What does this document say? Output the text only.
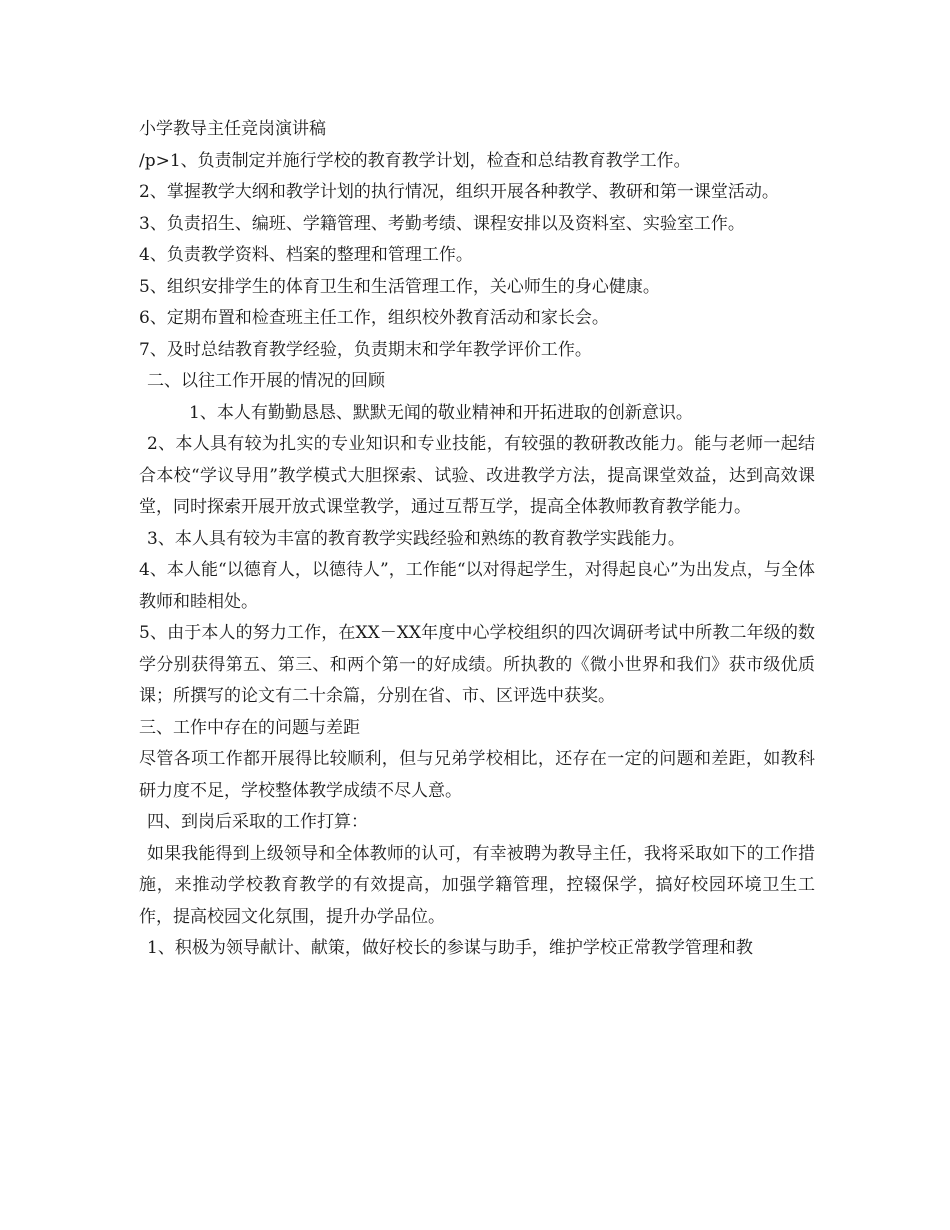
小学教导主任竞岗演讲稿

/p>1、负责制定并施行学校的教育教学计划，检查和总结教育教学工作。

2、掌握教学大纲和教学计划的执行情况，组织开展各种教学、教研和第一课堂活动。

3、负责招生、编班、学籍管理、考勤考绩、课程安排以及资料室、实验室工作。

4、负责教学资料、档案的整理和管理工作。

5、组织安排学生的体育卫生和生活管理工作，关心师生的身心健康。

6、定期布置和检查班主任工作，组织校外教育活动和家长会。

7、及时总结教育教学经验，负责期末和学年教学评价工作。

二、以往工作开展的情况的回顾

1、本人有勤勤恳恳、默默无闻的敬业精神和开拓进取的创新意识。

2、本人具有较为扎实的专业知识和专业技能，有较强的教研教改能力。能与老师一起结合本校“学议导用”教学模式大胆探索、试验、改进教学方法，提高课堂效益，达到高效课堂，同时探索开展开放式课堂教学，通过互帮互学，提高全体教师教育教学能力。

3、本人具有较为丰富的教育教学实践经验和熟练的教育教学实践能力。

4、本人能“以德育人，以德待人”，工作能“以对得起学生，对得起良心”为出发点，与全体教师和睦相处。

5、由于本人的努力工作，在XX－XX年度中心学校组织的四次调研考试中所教二年级的数学分别获得第五、第三、和两个第一的好成绩。所执教的《微小世界和我们》获市级优质课；所撰写的论文有二十余篇，分别在省、市、区评选中获奖。

三、工作中存在的问题与差距

尽管各项工作都开展得比较顺利，但与兄弟学校相比，还存在一定的问题和差距，如教科研力度不足，学校整体教学成绩不尽人意。

四、到岗后采取的工作打算：

如果我能得到上级领导和全体教师的认可，有幸被聘为教导主任，我将采取如下的工作措施，来推动学校教育教学的有效提高，加强学籍管理，控辍保学，搞好校园环境卫生工作，提高校园文化氛围，提升办学品位。

1、积极为领导献计、献策，做好校长的参谋与助手，维护学校正常教学管理和教
